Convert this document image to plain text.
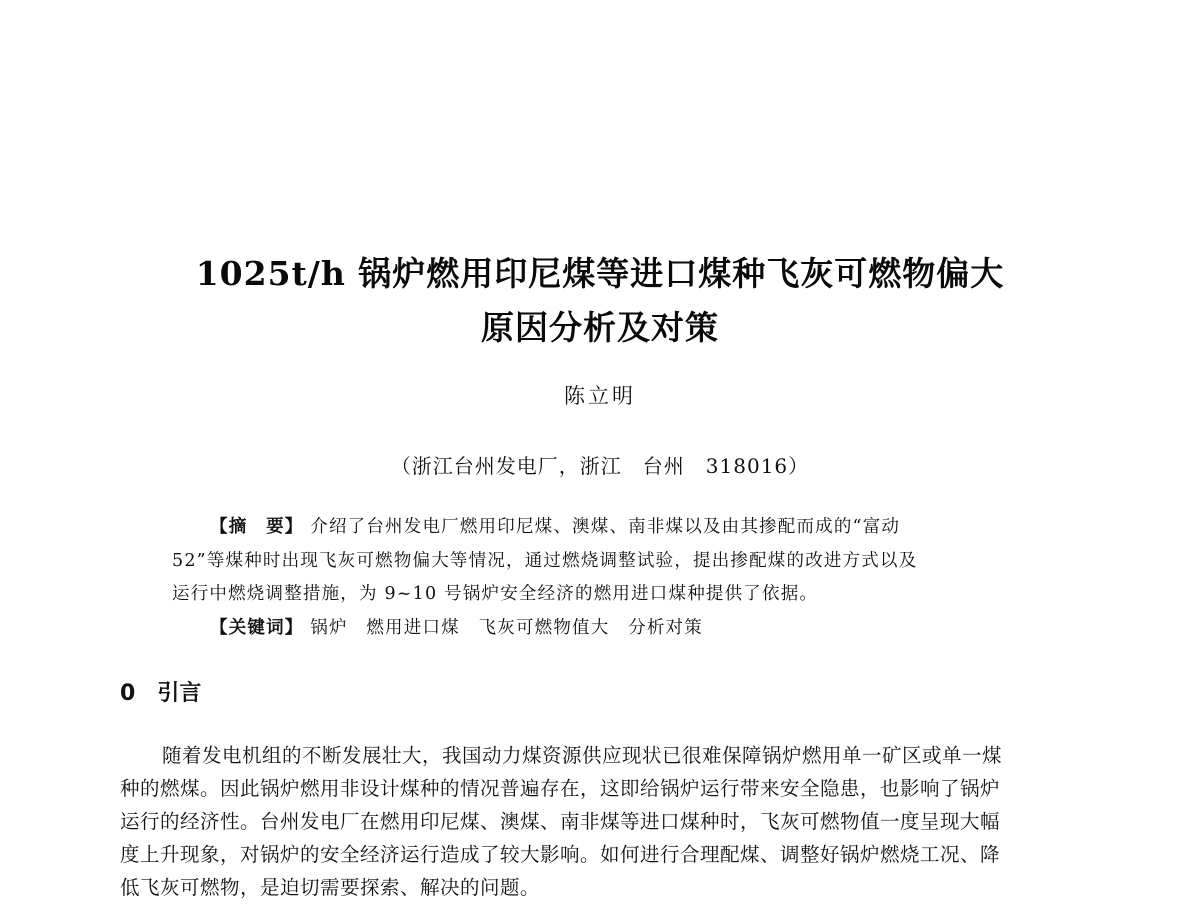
1025t/h 锅炉燃用印尼煤等进口煤种飞灰可燃物偏大
原因分析及对策
陈立明
（浙江台州发电厂，浙江　台州　318016）
【摘　要】 介绍了台州发电厂燃用印尼煤、澳煤、南非煤以及由其掺配而成的“富动
52”等煤种时出现飞灰可燃物偏大等情况，通过燃烧调整试验，提出掺配煤的改进方式以及
运行中燃烧调整措施，为 9~10 号锅炉安全经济的燃用进口煤种提供了依据。
【关键词】 锅炉　燃用进口煤　飞灰可燃物值大　分析对策
0 引言
随着发电机组的不断发展壮大，我国动力煤资源供应现状已很难保障锅炉燃用单一矿区或单一煤
种的燃煤。因此锅炉燃用非设计煤种的情况普遍存在，这即给锅炉运行带来安全隐患，也影响了锅炉
运行的经济性。台州发电厂在燃用印尼煤、澳煤、南非煤等进口煤种时，飞灰可燃物值一度呈现大幅
度上升现象，对锅炉的安全经济运行造成了较大影响。如何进行合理配煤、调整好锅炉燃烧工况、降
低飞灰可燃物，是迫切需要探索、解决的问题。
